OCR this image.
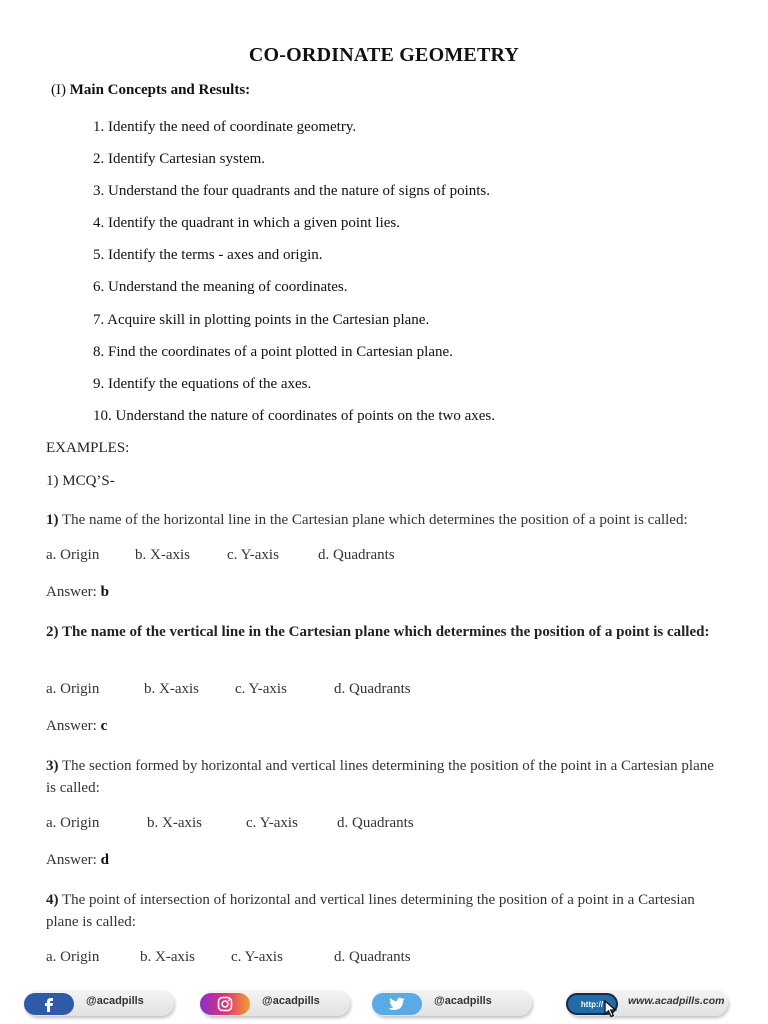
CO-ORDINATE GEOMETRY
(I) Main Concepts and Results:
1. Identify the need of coordinate geometry.
2. Identify Cartesian system.
3. Understand the four quadrants and the nature of signs of points.
4. Identify the quadrant in which a given point lies.
5. Identify the terms - axes and origin.
6. Understand the meaning of coordinates.
7. Acquire skill in plotting points in the Cartesian plane.
8. Find the coordinates of a point plotted in Cartesian plane.
9. Identify the equations of the axes.
10. Understand the nature of coordinates of points on the two axes.
EXAMPLES:
1) MCQ’S-
1) The name of the horizontal line in the Cartesian plane which determines the position of a point is called:
a. Origin b. X-axis c. Y-axis	d. Quadrants
Answer: b
2) The name of the vertical line in the Cartesian plane which determines the position of a point is called:
a. Origin	b. X-axis c. Y-axis	d. Quadrants
Answer: c
3) The section formed by horizontal and vertical lines determining the position of the point in a Cartesian plane is called:
a. Origin	b. X-axis	c. Y-axis	d. Quadrants
Answer: d
4) The point of intersection of horizontal and vertical lines determining the position of a point in a Cartesian plane is called:
a. Origin	b. X-axis c. Y-axis	d. Quadrants
@acadpills	@acadpills	@acadpills	http:// www.acadpills.com
